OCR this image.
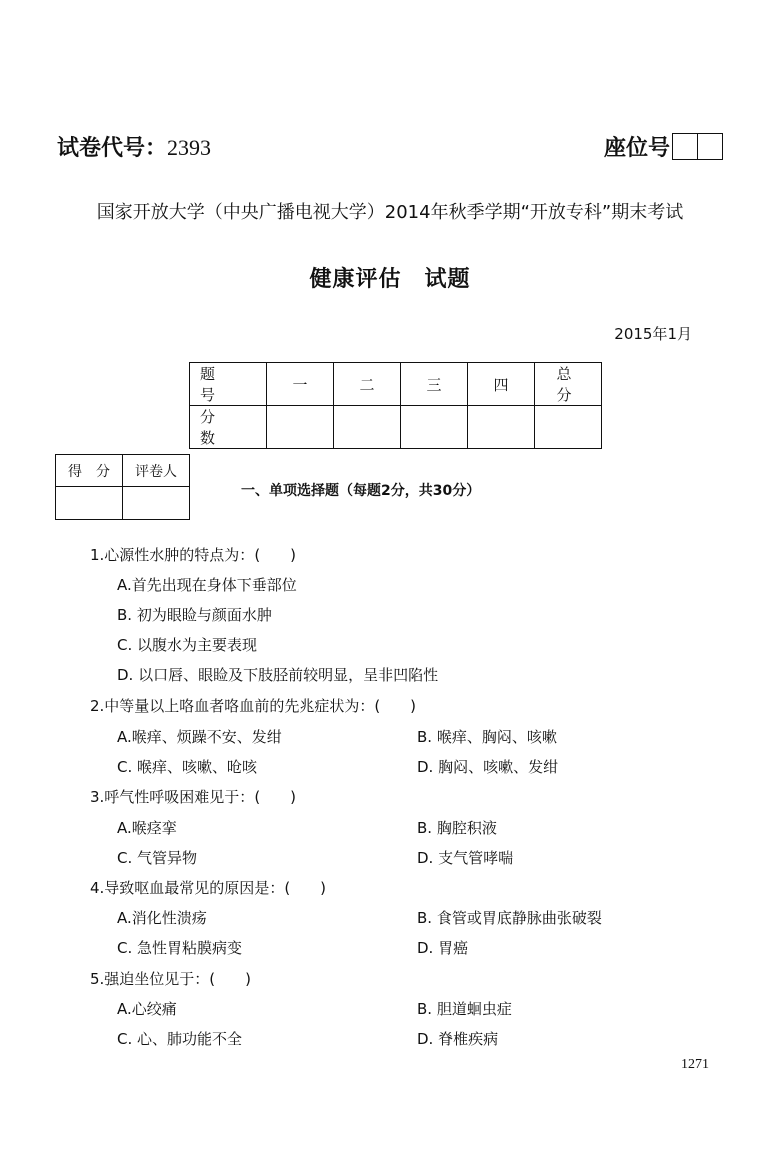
试卷代号：2393	座位号
国家开放大学（中央广播电视大学）2014年秋季学期“开放专科”期末考试
健康评估　试题
2015年1月
题　号	一	二	三	四	总　分
分　数					
得　分	评卷人

一、单项选择题（每题2分，共30分）
1.心源性水肿的特点为：(　　)
A.首先出现在身体下垂部位
B. 初为眼睑与颜面水肿
C. 以腹水为主要表现
D. 以口唇、眼睑及下肢胫前较明显，呈非凹陷性
2.中等量以上咯血者咯血前的先兆症状为：(　　)
A.喉痒、烦躁不安、发绀	B. 喉痒、胸闷、咳嗽
C. 喉痒、咳嗽、呛咳	D. 胸闷、咳嗽、发绀
3.呼气性呼吸困难见于：(　　)
A.喉痉挛	B. 胸腔积液
C. 气管异物	D. 支气管哮喘
4.导致呕血最常见的原因是：(　　)
A.消化性溃疡	B. 食管或胃底静脉曲张破裂
C. 急性胃粘膜病变	D. 胃癌
5.强迫坐位见于：(　　)
A.心绞痛	B. 胆道蛔虫症
C. 心、肺功能不全	D. 脊椎疾病
1271
